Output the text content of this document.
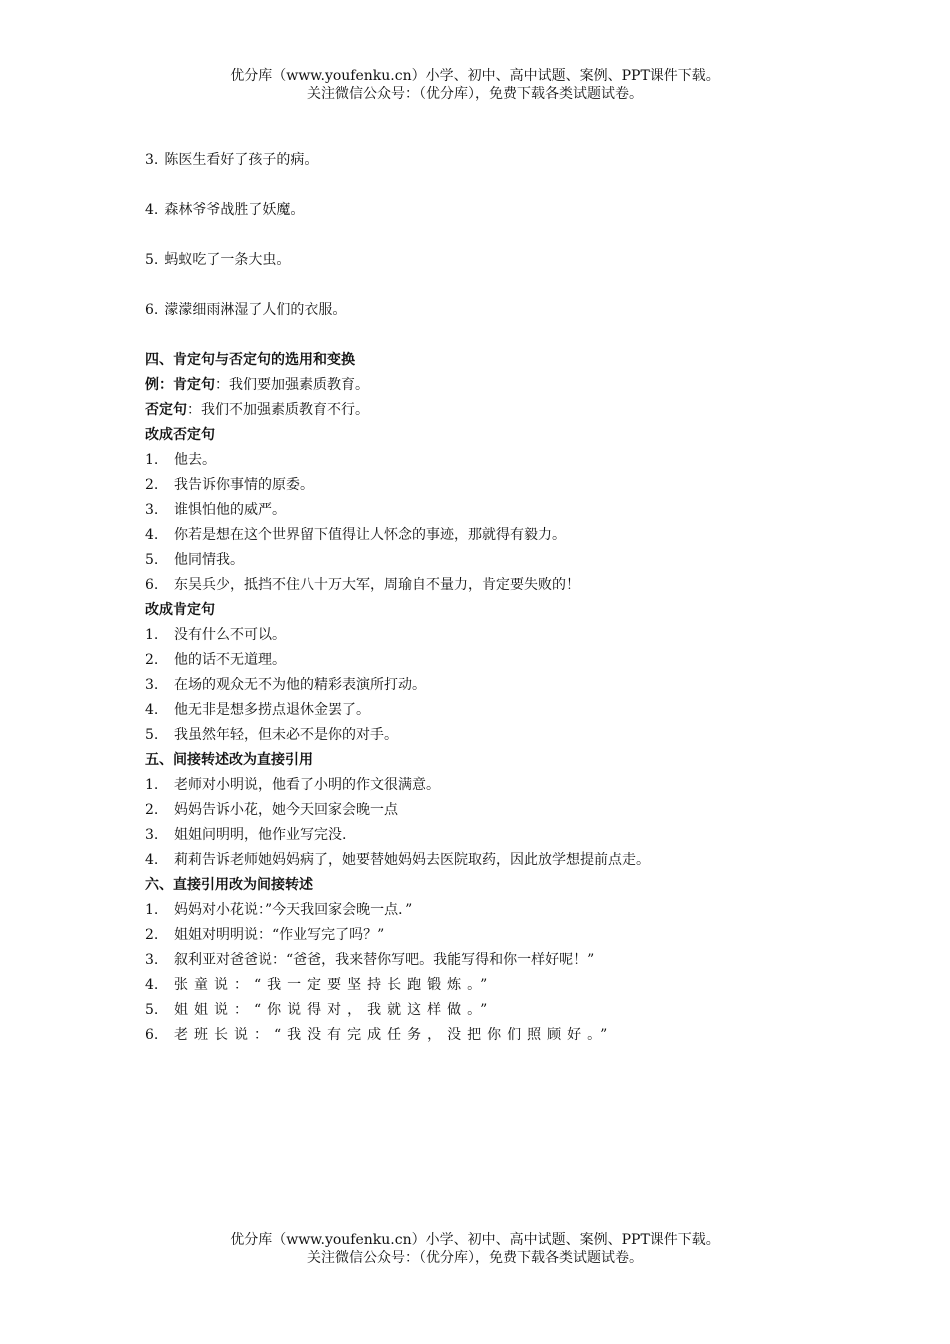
优分库（www.youfenku.cn）小学、初中、高中试题、案例、PPT课件下载。
关注微信公众号：（优分库），免费下载各类试题试卷。
3. 陈医生看好了孩子的病。
4. 森林爷爷战胜了妖魔。
5. 蚂蚁吃了一条大虫。
6. 濛濛细雨淋湿了人们的衣服。
四、肯定句与否定句的选用和变换
例：肯定句：我们要加强素质教育。
否定句：我们不加强素质教育不行。
改成否定句
1. 他去。
2. 我告诉你事情的原委。
3. 谁惧怕他的威严。
4. 你若是想在这个世界留下值得让人怀念的事迹，那就得有毅力。
5. 他同情我。
6. 东吴兵少，抵挡不住八十万大军，周瑜自不量力，肯定要失败的！
改成肯定句
1. 没有什么不可以。
2. 他的话不无道理。
3. 在场的观众无不为他的精彩表演所打动。
4. 他无非是想多捞点退休金罢了。
5. 我虽然年轻，但未必不是你的对手。
五、间接转述改为直接引用
1. 老师对小明说，他看了小明的作文很满意。
2. 妈妈告诉小花，她今天回家会晚一点
3. 姐姐问明明，他作业写完没.
4. 莉莉告诉老师她妈妈病了，她要替她妈妈去医院取药，因此放学想提前点走。
六、直接引用改为间接转述
1. 妈妈对小花说：”今天我回家会晚一点．”
2. 姐姐对明明说：“作业写完了吗？”
3. 叙利亚对爸爸说：“爸爸，我来替你写吧。我能写得和你一样好呢！”
4. 张童说：“我一定要坚持长跑锻炼。”
5. 姐姐说：“你说得对，我就这样做。”
6. 老班长说：“我没有完成任务，没把你们照顾好。”
优分库（www.youfenku.cn）小学、初中、高中试题、案例、PPT课件下载。
关注微信公众号：（优分库），免费下载各类试题试卷。
